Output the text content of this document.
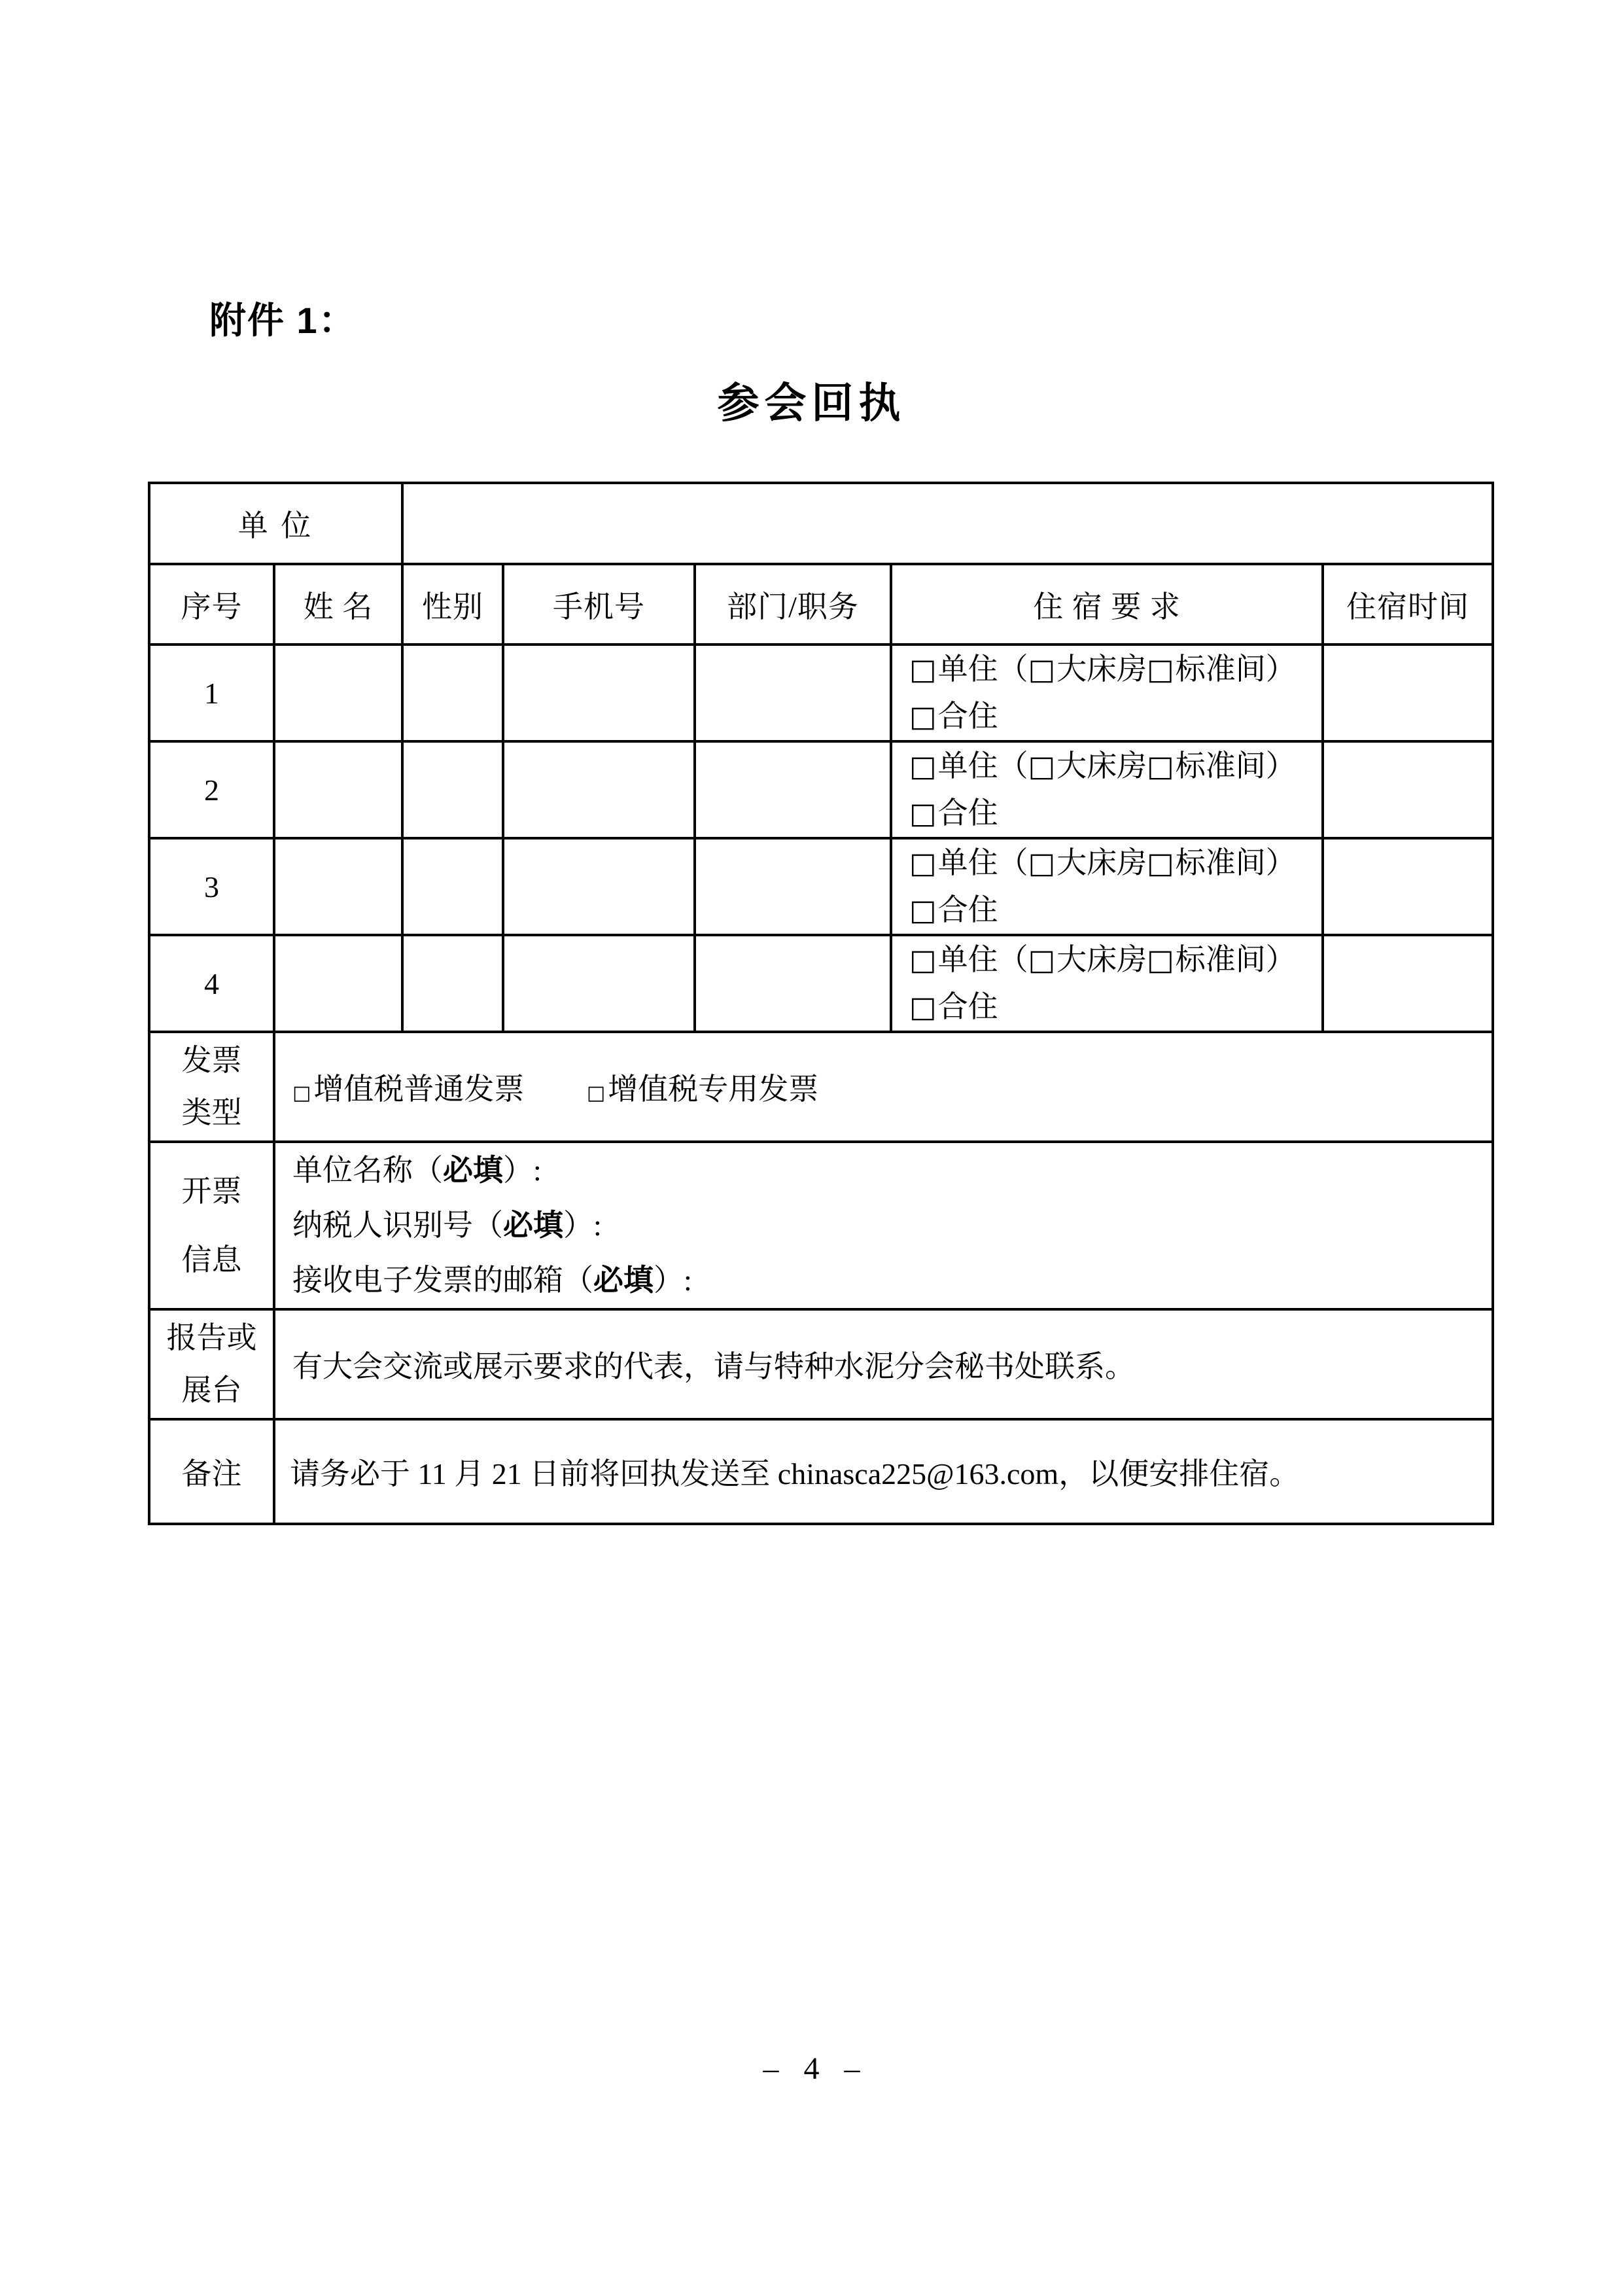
附件 1：
参会回执
单 位						
序号	姓 名	性别	手机号	部门/职务	住 宿 要 求	住宿时间
1					□单住（□大床房□标准间）
□合住	

2					□单住（□大床房□标准间）
□合住	

3					□单住（□大床房□标准间）
□合住	

4					□单住（□大床房□标准间）
□合住	

发票
类型	□增值税普通发票 □增值税专用发票					

开票
信息

单位名称（必填）:
纳税人识别号（必填）:
接收电子发票的邮箱（必填）:

报告或
展台	有大会交流或展示要求的代表，请与特种水泥分会秘书处联系。					
备注	请务必于 11 月 21 日前将回执发送至 chinasca225@163.com，以便安排住宿。					
– 4 –
